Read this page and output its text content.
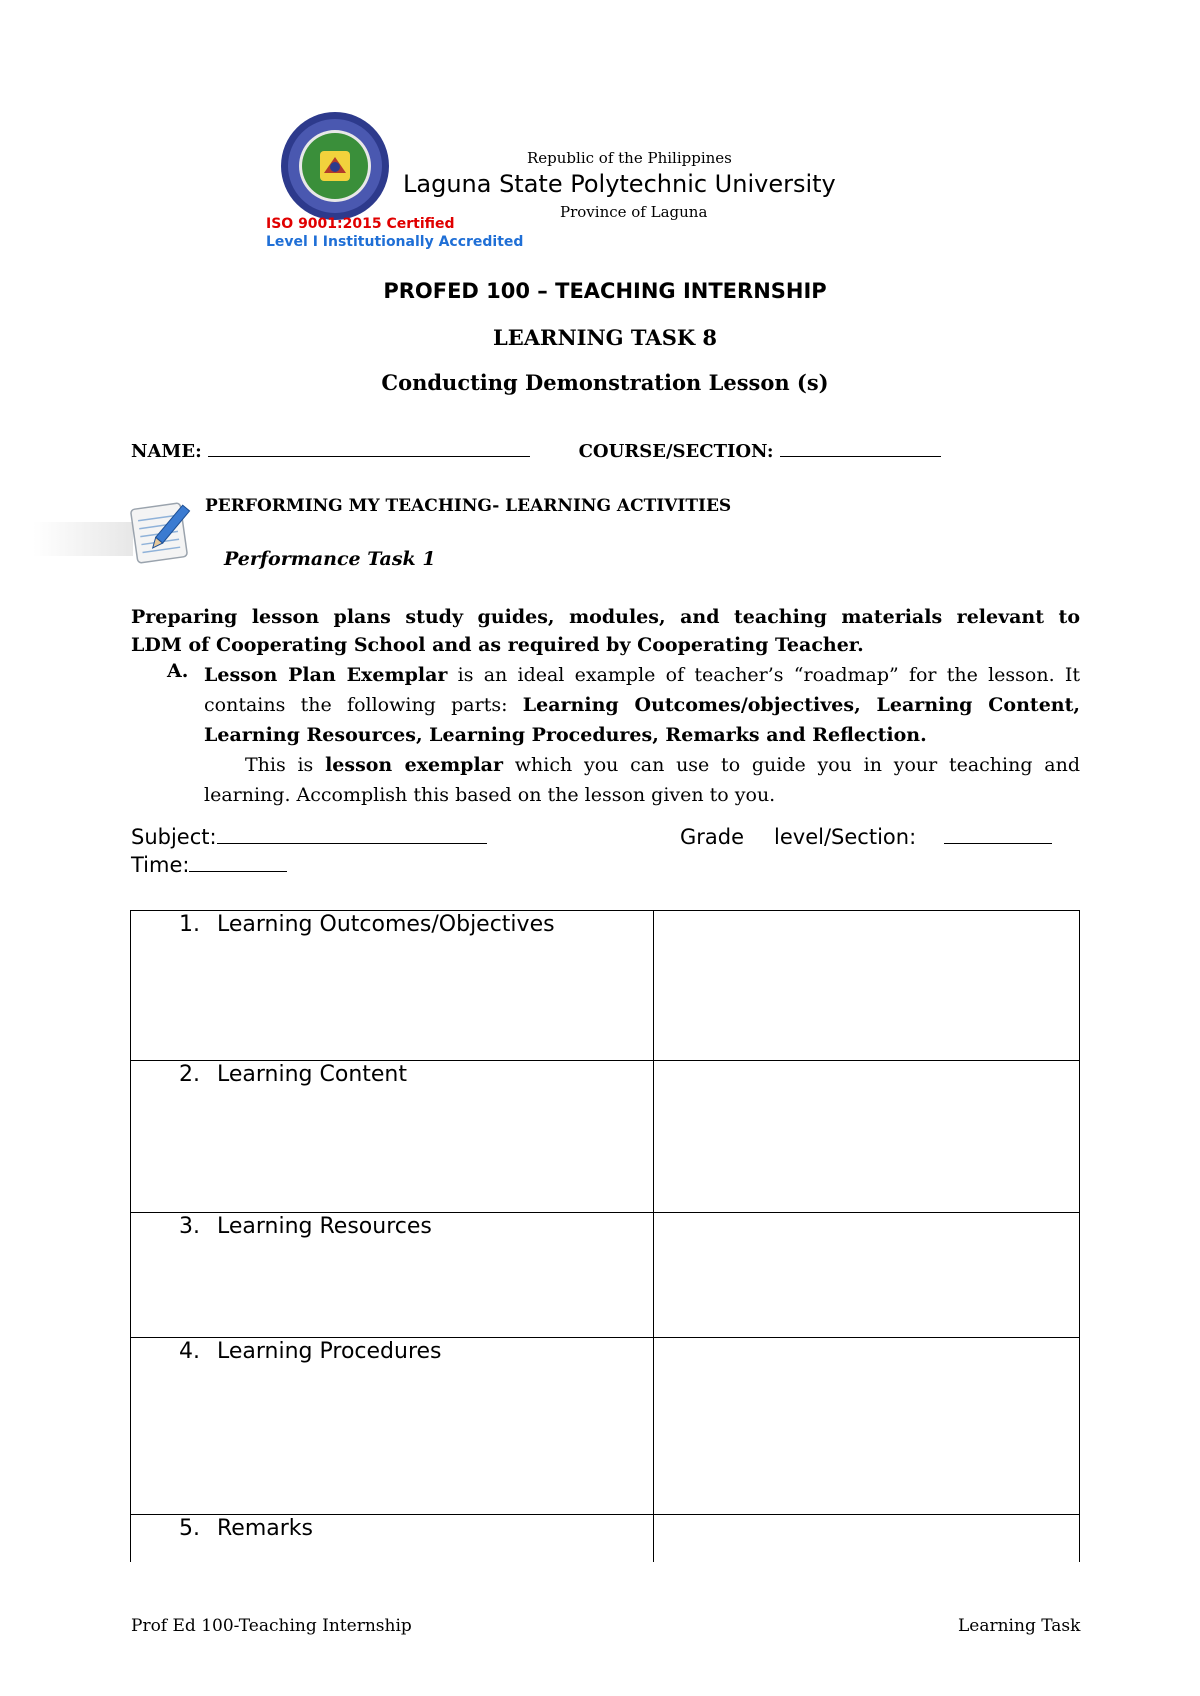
Republic of the Philippines
Laguna State Polytechnic University
Province of Laguna
ISO 9001:2015 Certified
Level I Institutionally Accredited
PROFED 100 – TEACHING INTERNSHIP
LEARNING TASK 8
Conducting Demonstration Lesson (s)
NAME:	COURSE/SECTION:
PERFORMING MY TEACHING- LEARNING ACTIVITIES
Performance Task 1
Preparing lesson plans study guides, modules, and teaching materials relevant to
LDM of Cooperating School and as required by Cooperating Teacher.
A. Lesson Plan Exemplar is an ideal example of teacher’s “roadmap” for the lesson. It
contains the following parts: Learning Outcomes/objectives, Learning Content,
Learning Resources, Learning Procedures, Remarks and Reflection.
This is lesson exemplar which you can use to guide you in your teaching and
learning. Accomplish this based on the lesson given to you.
Subject:	Grade level/Section:
Time:
1. Learning Outcomes/Objectives	
2. Learning Content	
3. Learning Resources	
4. Learning Procedures	
5. Remarks	
Prof Ed 100-Teaching Internship	Learning Task
